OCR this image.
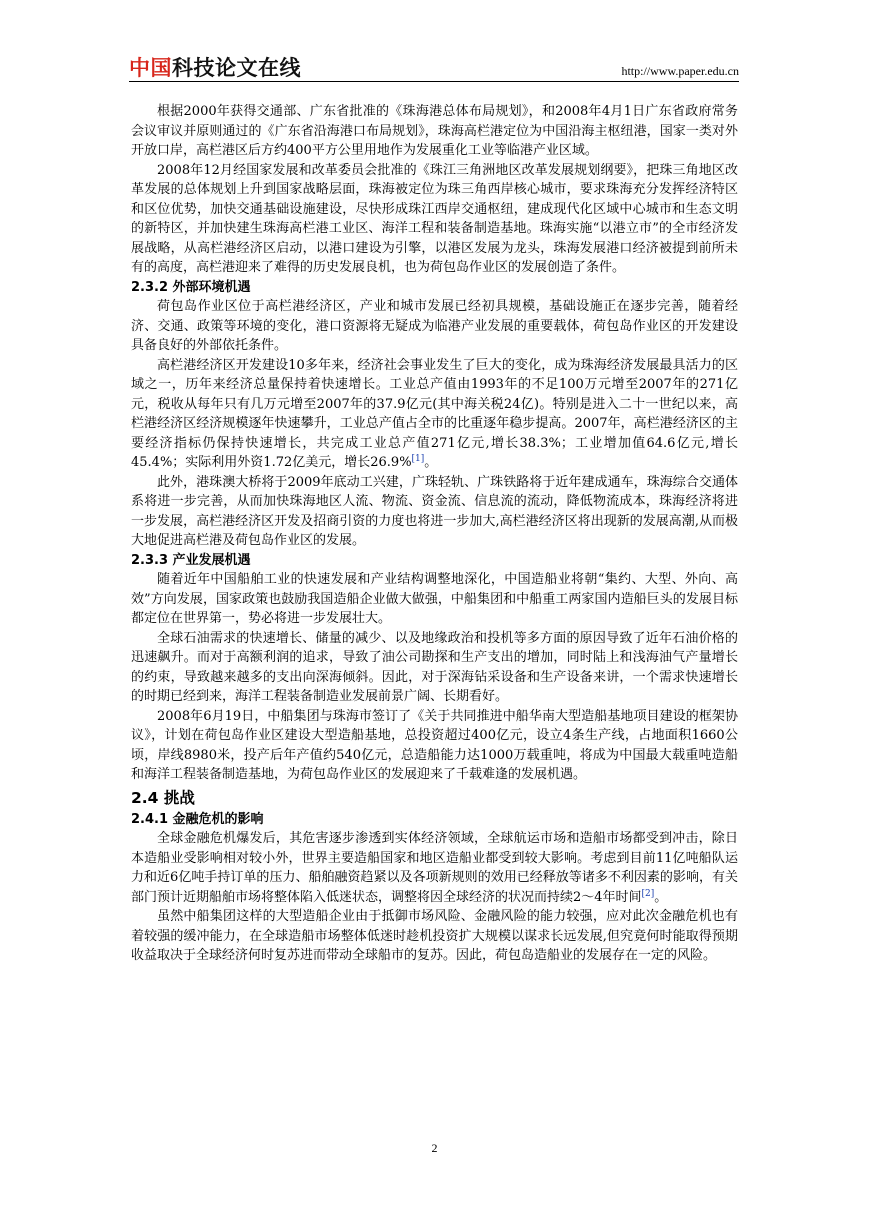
中国科技论文在线	http://www.paper.edu.cn

根据2000年获得交通部、广东省批准的《珠海港总体布局规划》，和2008年4月1日广东省政府常务会议审议并原则通过的《广东省沿海港口布局规划》，珠海高栏港定位为中国沿海主枢纽港，国家一类对外开放口岸，高栏港区后方约400平方公里用地作为发展重化工业等临港产业区域。

2008年12月经国家发展和改革委员会批准的《珠江三角洲地区改革发展规划纲要》，把珠三角地区改革发展的总体规划上升到国家战略层面，珠海被定位为珠三角西岸核心城市，要求珠海充分发挥经济特区和区位优势，加快交通基础设施建设，尽快形成珠江西岸交通枢纽，建成现代化区域中心城市和生态文明的新特区，并加快建生珠海高栏港工业区、海洋工程和装备制造基地。珠海实施“以港立市”的全市经济发展战略，从高栏港经济区启动，以港口建设为引擎，以港区发展为龙头，珠海发展港口经济被提到前所未有的高度，高栏港迎来了难得的历史发展良机，也为荷包岛作业区的发展创造了条件。

2.3.2 外部环境机遇

荷包岛作业区位于高栏港经济区，产业和城市发展已经初具规模，基础设施正在逐步完善，随着经济、交通、政策等环境的变化，港口资源将无疑成为临港产业发展的重要载体，荷包岛作业区的开发建设具备良好的外部依托条件。

高栏港经济区开发建设10多年来，经济社会事业发生了巨大的变化，成为珠海经济发展最具活力的区域之一，历年来经济总量保持着快速增长。工业总产值由1993年的不足100万元增至2007年的271亿元，税收从每年只有几万元增至2007年的37.9亿元(其中海关税24亿)。特别是进入二十一世纪以来，高栏港经济区经济规模逐年快速攀升，工业总产值占全市的比重逐年稳步提高。2007年，高栏港经济区的主要经济指标仍保持快速增长，共完成工业总产值271亿元,增长38.3%；工业增加值64.6亿元,增长45.4%；实际利用外资1.72亿美元，增长26.9%[1]。

此外，港珠澳大桥将于2009年底动工兴建，广珠轻轨、广珠铁路将于近年建成通车，珠海综合交通体系将进一步完善，从而加快珠海地区人流、物流、资金流、信息流的流动，降低物流成本，珠海经济将进一步发展，高栏港经济区开发及招商引资的力度也将进一步加大,高栏港经济区将出现新的发展高潮,从而极大地促进高栏港及荷包岛作业区的发展。

2.3.3 产业发展机遇

随着近年中国船舶工业的快速发展和产业结构调整地深化，中国造船业将朝“集约、大型、外向、高效”方向发展，国家政策也鼓励我国造船企业做大做强，中船集团和中船重工两家国内造船巨头的发展目标都定位在世界第一，势必将进一步发展壮大。

全球石油需求的快速增长、储量的减少、以及地缘政治和投机等多方面的原因导致了近年石油价格的迅速飙升。而对于高额利润的追求，导致了油公司勘探和生产支出的增加，同时陆上和浅海油气产量增长的约束，导致越来越多的支出向深海倾斜。因此，对于深海钻采设备和生产设备来讲，一个需求快速增长的时期已经到来，海洋工程装备制造业发展前景广阔、长期看好。

2008年6月19日，中船集团与珠海市签订了《关于共同推进中船华南大型造船基地项目建设的框架协议》，计划在荷包岛作业区建设大型造船基地，总投资超过400亿元，设立4条生产线，占地面积1660公顷，岸线8980米，投产后年产值约540亿元，总造船能力达1000万载重吨，将成为中国最大载重吨造船和海洋工程装备制造基地，为荷包岛作业区的发展迎来了千载难逢的发展机遇。

2.4 挑战
2.4.1 金融危机的影响

全球金融危机爆发后，其危害逐步渗透到实体经济领域，全球航运市场和造船市场都受到冲击，除日本造船业受影响相对较小外，世界主要造船国家和地区造船业都受到较大影响。考虑到目前11亿吨船队运力和近6亿吨手持订单的压力、船舶融资趋紧以及各项新规则的效用已经释放等诸多不利因素的影响，有关部门预计近期船舶市场将整体陷入低迷状态，调整将因全球经济的状况而持续2～4年时间[2]。

虽然中船集团这样的大型造船企业由于抵御市场风险、金融风险的能力较强，应对此次金融危机也有着较强的缓冲能力，在全球造船市场整体低迷时趁机投资扩大规模以谋求长远发展,但究竟何时能取得预期收益取决于全球经济何时复苏进而带动全球船市的复苏。因此，荷包岛造船业的发展存在一定的风险。

2
